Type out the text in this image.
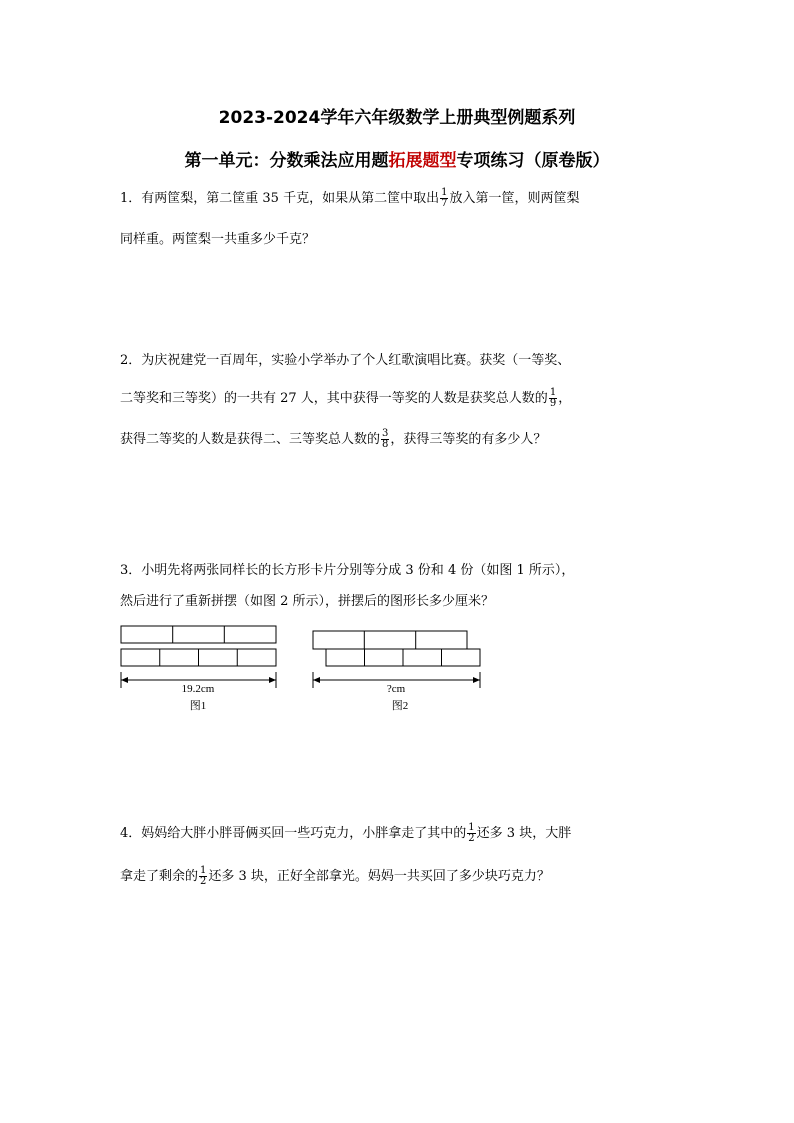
2023-2024学年六年级数学上册典型例题系列
第一单元：分数乘法应用题拓展题型专项练习（原卷版）
1．有两筐梨，第二筐重 35 千克，如果从第二筐中取出 $\frac{1}{7}$ 放入第一筐，则两筐梨
同样重。两筐梨一共重多少千克？
2．为庆祝建党一百周年，实验小学举办了个人红歌演唱比赛。获奖（一等奖、
二等奖和三等奖）的一共有 27 人，其中获得一等奖的人数是获奖总人数的 $\frac{1}{9}$ ，
获得二等奖的人数是获得二、三等奖总人数的 $\frac{3}{8}$ ，获得三等奖的有多少人？
3．小明先将两张同样长的长方形卡片分别等分成 3 份和 4 份（如图 1 所示），
然后进行了重新拼摆（如图 2 所示），拼摆后的图形长多少厘米？
19.2cm
图1
?cm
图2
4．妈妈给大胖小胖哥俩买回一些巧克力，小胖拿走了其中的 $\frac{1}{2}$ 还多 3 块，大胖
拿走了剩余的 $\frac{1}{2}$ 还多 3 块，正好全部拿光。妈妈一共买回了多少块巧克力？
